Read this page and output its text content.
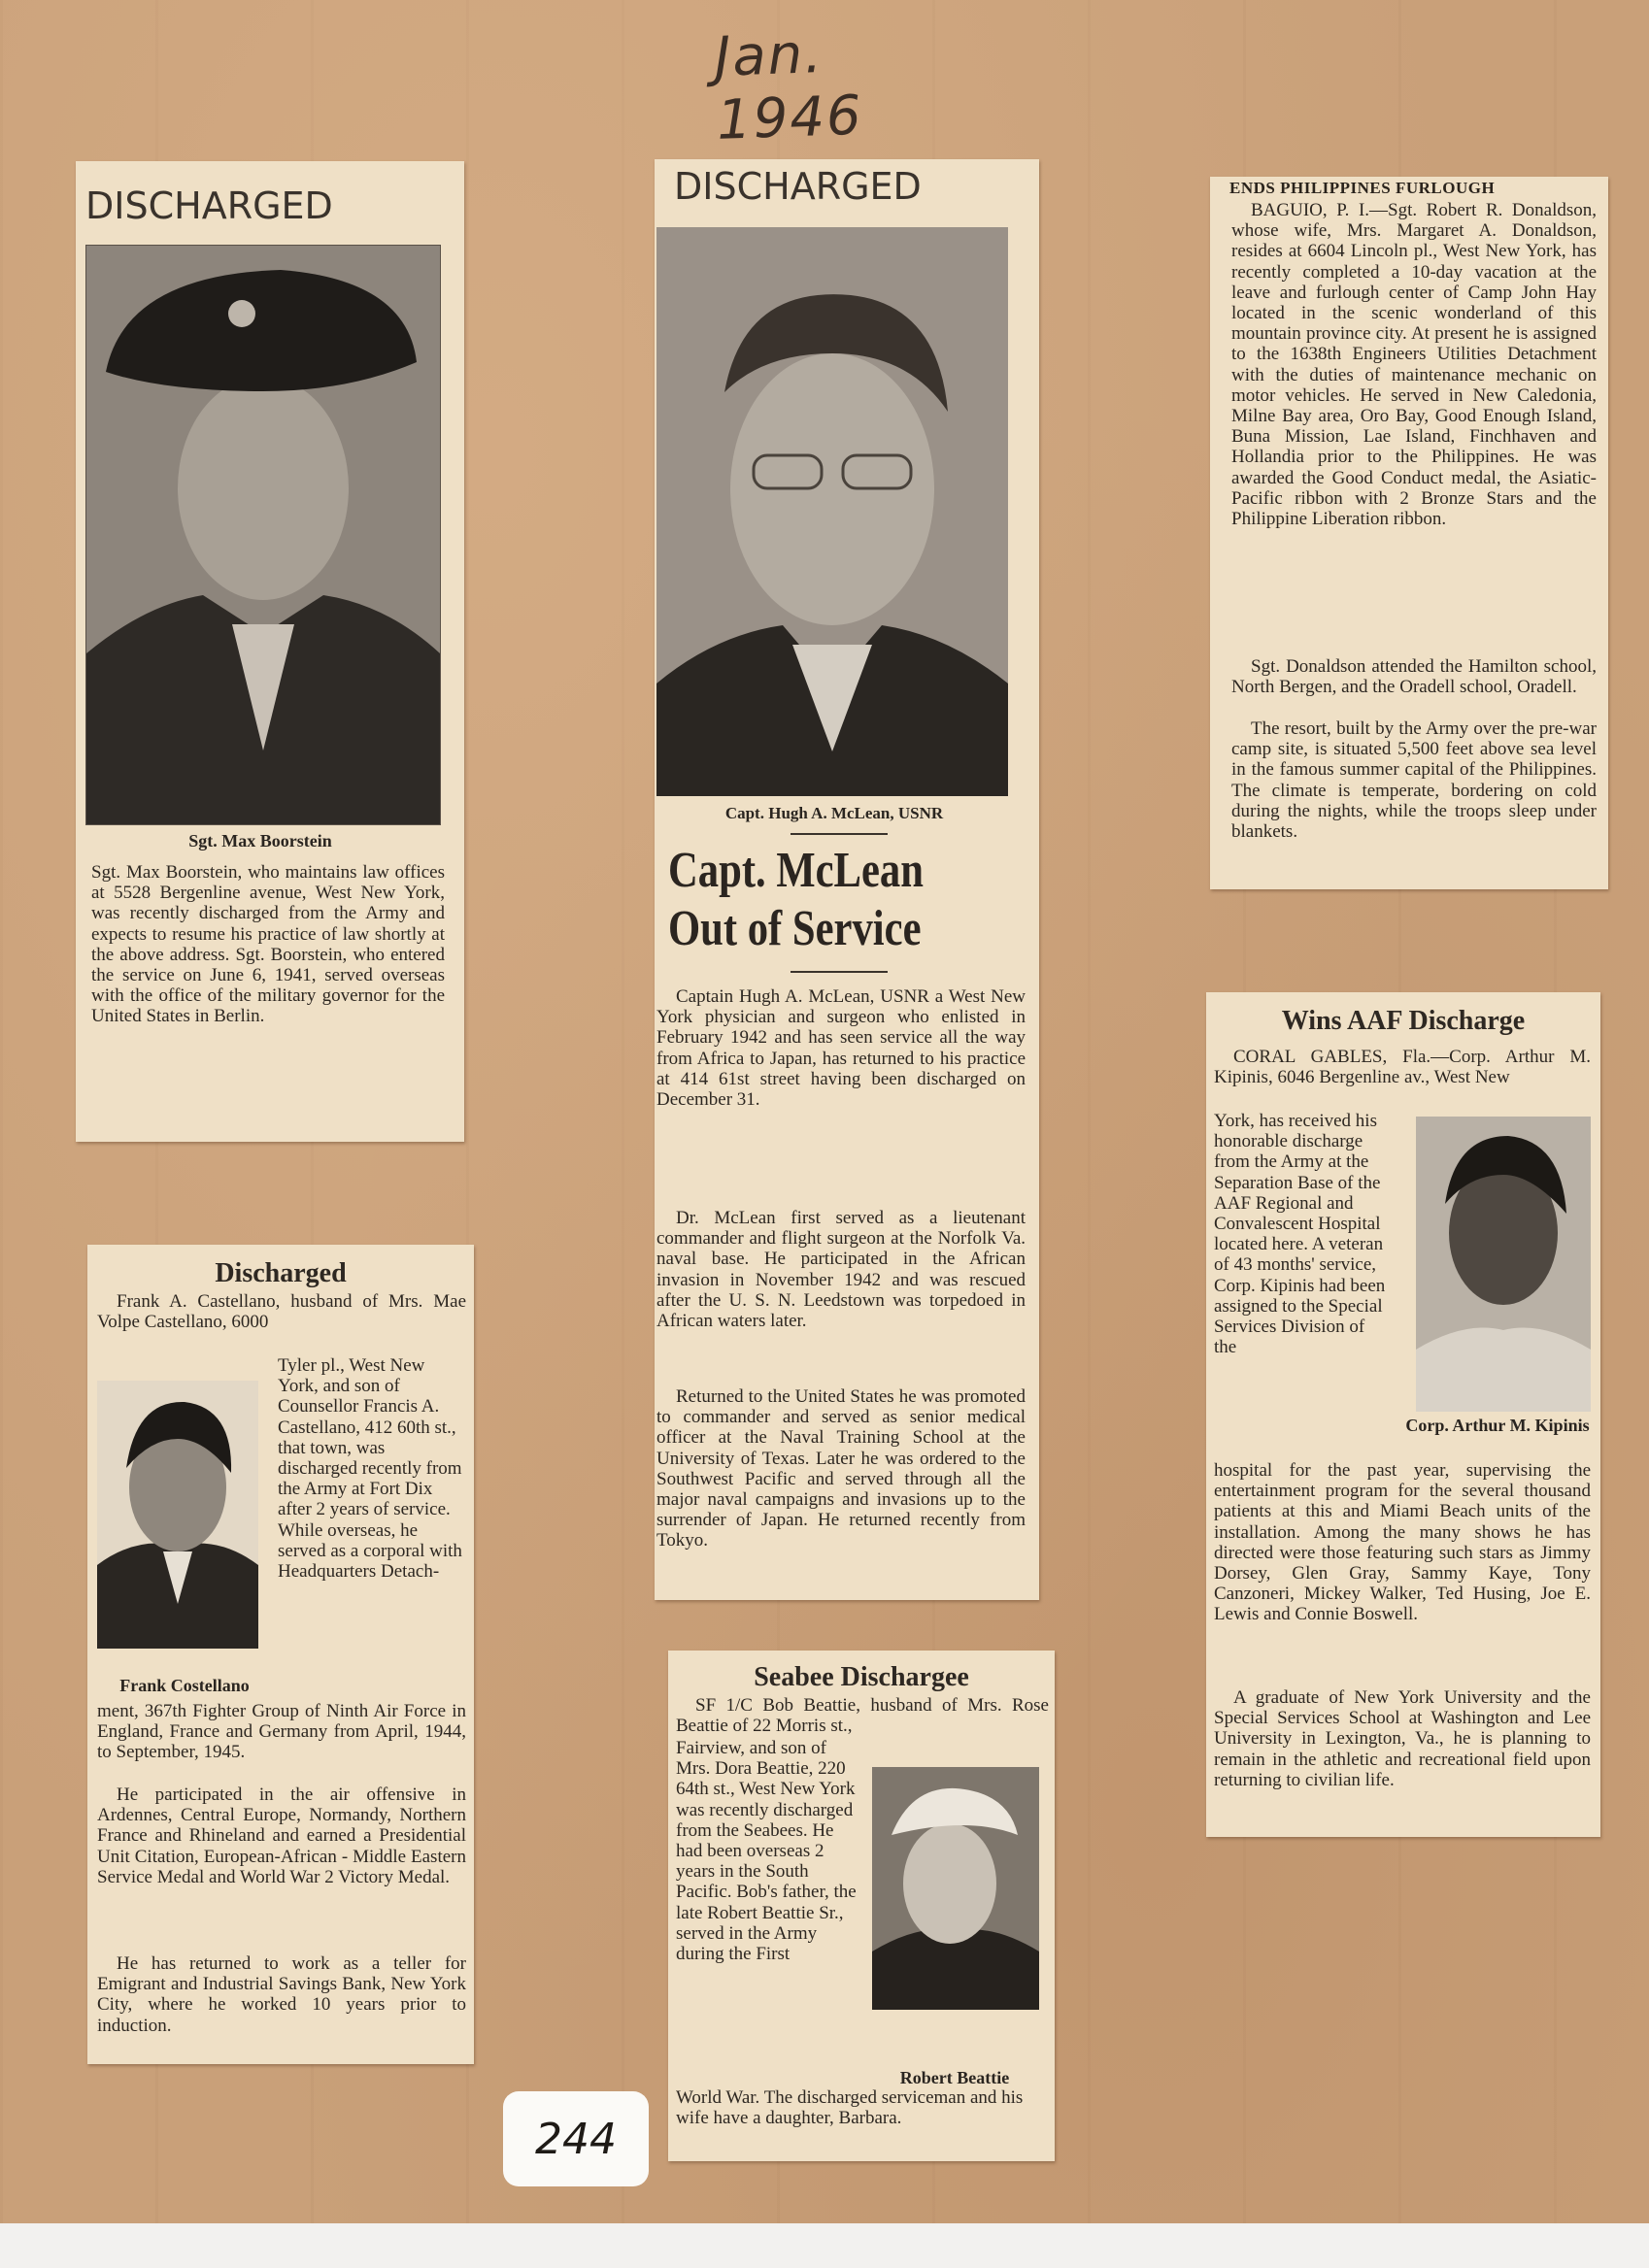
Jan. 1946
DISCHARGED
Sgt. Max Boorstein

Sgt. Max Boorstein, who maintains law offices at 5528 Bergenline avenue, West New York, was recently discharged from the Army and expects to resume his practice of law shortly at the above address. Sgt. Boorstein, who entered the service on June 6, 1941, served overseas with the office of the military governor for the United States in Berlin.

DISCHARGED
Capt. Hugh A. McLean, USNR
Capt. McLean
Out of Service

Captain Hugh A. McLean, USNR a West New York physician and surgeon who enlisted in February 1942 and has seen service all the way from Africa to Japan, has returned to his practice at 414 61st street having been discharged on December 31.

Dr. McLean first served as a lieutenant commander and flight surgeon at the Norfolk Va. naval base. He participated in the African invasion in November 1942 and was rescued after the U. S. N. Leedstown was torpedoed in African waters later.

Returned to the United States he was promoted to commander and served as senior medical officer at the Naval Training School at the University of Texas. Later he was ordered to the Southwest Pacific and served through all the major naval campaigns and invasions up to the surrender of Japan. He returned recently from Tokyo.

ENDS PHILIPPINES FURLOUGH

BAGUIO, P. I.—Sgt. Robert R. Donaldson, whose wife, Mrs. Margaret A. Donaldson, resides at 6604 Lincoln pl., West New York, has recently completed a 10-day vacation at the leave and furlough center of Camp John Hay located in the scenic wonderland of this mountain province city. At present he is assigned to the 1638th Engineers Utilities Detachment with the duties of maintenance mechanic on motor vehicles. He served in New Caledonia, Milne Bay area, Oro Bay, Good Enough Island, Buna Mission, Lae Island, Finchhaven and Hollandia prior to the Philippines. He was awarded the Good Conduct medal, the Asiatic-Pacific ribbon with 2 Bronze Stars and the Philippine Liberation ribbon.

Sgt. Donaldson attended the Hamilton school, North Bergen, and the Oradell school, Oradell.

The resort, built by the Army over the pre-war camp site, is situated 5,500 feet above sea level in the famous summer capital of the Philippines. The climate is temperate, bordering on cold during the nights, while the troops sleep under blankets.

Wins AAF Discharge

CORAL GABLES, Fla.—Corp. Arthur M. Kipinis, 6046 Bergenline av., West New

York, has received his honorable discharge from the Army at the Separation Base of the AAF Regional and Convalescent Hospital located here. A veteran of 43 months' service, Corp. Kipinis had been assigned to the Special Services Division of the

Corp. Arthur M. Kipinis

hospital for the past year, supervising the entertainment program for the several thousand patients at this and Miami Beach units of the installation. Among the many shows he has directed were those featuring such stars as Jimmy Dorsey, Glen Gray, Sammy Kaye, Tony Canzoneri, Mickey Walker, Ted Husing, Joe E. Lewis and Connie Boswell.

A graduate of New York University and the Special Services School at Washington and Lee University in Lexington, Va., he is planning to remain in the athletic and recreational field upon returning to civilian life.

Discharged

Frank A. Castellano, husband of Mrs. Mae Volpe Castellano, 6000

Tyler pl., West New York, and son of Counsellor Francis A. Castellano, 412 60th st., that town, was discharged recently from the Army at Fort Dix after 2 years of service. While overseas, he served as a corporal with Headquarters Detach-

Frank Costellano

ment, 367th Fighter Group of Ninth Air Force in England, France and Germany from April, 1944, to September, 1945.

He participated in the air offensive in Ardennes, Central Europe, Normandy, Northern France and Rhineland and earned a Presidential Unit Citation, European-African - Middle Eastern Service Medal and World War 2 Victory Medal.

He has returned to work as a teller for Emigrant and Industrial Savings Bank, New York City, where he worked 10 years prior to induction.

Seabee Dischargee

SF 1/C Bob Beattie, husband of Mrs. Rose Beattie of 22 Morris st.,

Fairview, and son of Mrs. Dora Beattie, 220 64th st., West New York was recently discharged from the Seabees. He had been overseas 2 years in the South Pacific. Bob's father, the late Robert Beattie Sr., served in the Army during the First

Robert Beattie

World War. The discharged serviceman and his wife have a daughter, Barbara.

244
